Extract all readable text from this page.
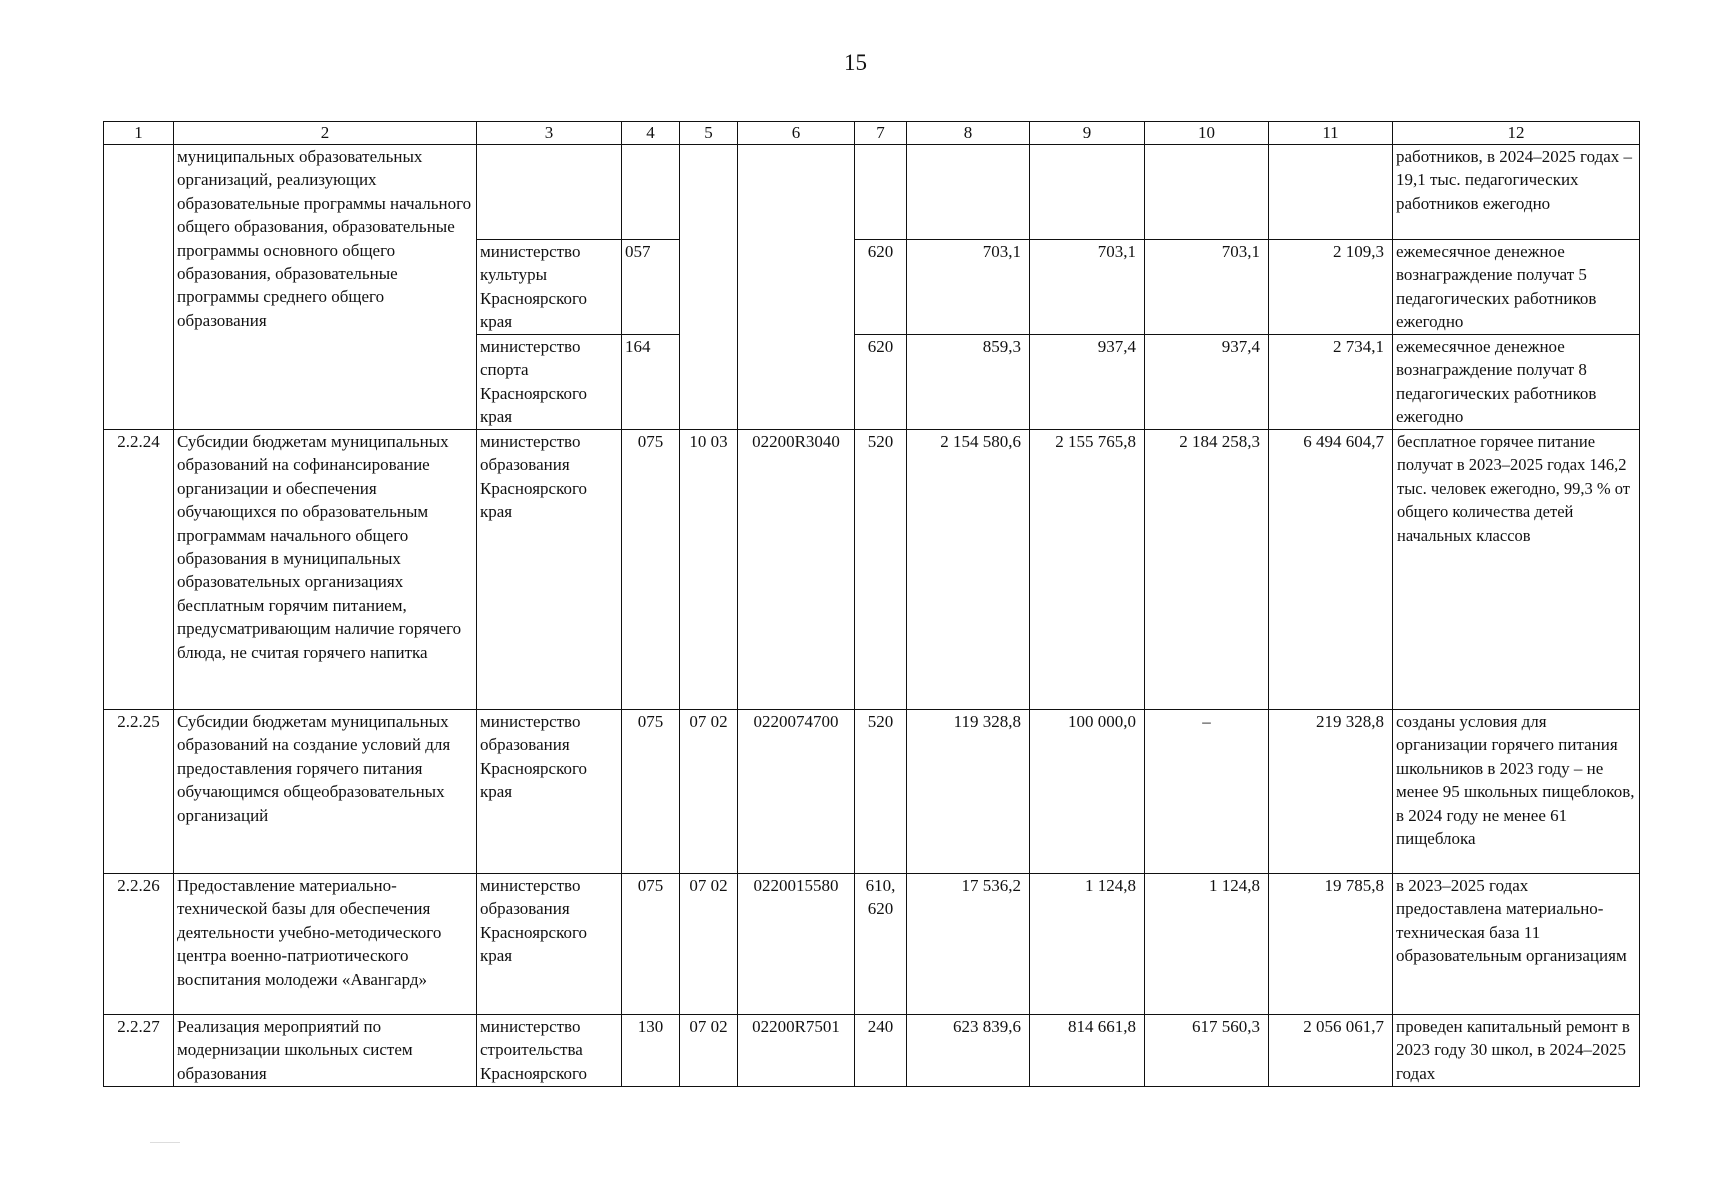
15
1	2	3	4	5	6	7	8	9	10	11	12
	муниципальных образовательных организаций, реализующих образовательные программы начального общего образования, образовательные программы основного общего образования, образовательные программы среднего общего образования										работников, в 2024–2025 годах – 19,1 тыс. педагогических работников ежегодно
		министерство культуры Красноярского края	057			620	703,1	703,1	703,1	2 109,3	ежемесячное денежное вознаграждение получат 5 педагогических работников ежегодно
		министерство спорта Красноярского края	164			620	859,3	937,4	937,4	2 734,1	ежемесячное денежное вознаграждение получат 8 педагогических работников ежегодно
2.2.24	Субсидии бюджетам муниципальных образований на софинансирование организации и обеспечения обучающихся по образовательным программам начального общего образования в муниципальных образовательных организациях бесплатным горячим питанием, предусматривающим наличие горячего блюда, не считая горячего напитка	министерство образования Красноярского края	075	10 03	02200R3040	520	2 154 580,6	2 155 765,8	2 184 258,3	6 494 604,7	бесплатное горячее питание получат в 2023–2025 годах 146,2 тыс. человек ежегодно, 99,3 % от общего количества детей начальных классов
2.2.25	Субсидии бюджетам муниципальных образований на создание условий для предоставления горячего питания обучающимся общеобразовательных организаций	министерство образования Красноярского края	075	07 02	0220074700	520	119 328,8	100 000,0	–	219 328,8	созданы условия для организации горячего питания школьников в 2023 году – не менее 95 школьных пищеблоков, в 2024 году не менее 61 пищеблока
2.2.26	Предоставление материально-технической базы для обеспечения деятельности учебно-методического центра военно-патриотического воспитания молодежи «Авангард»	министерство образования Красноярского края	075	07 02	0220015580	610, 620	17 536,2	1 124,8	1 124,8	19 785,8	в 2023–2025 годах предоставлена материально-техническая база 11 образовательным организациям
2.2.27	Реализация мероприятий по модернизации школьных систем образования	министерство строительства Красноярского	130	07 02	02200R7501	240	623 839,6	814 661,8	617 560,3	2 056 061,7	проведен капитальный ремонт в 2023 году 30 школ, в 2024–2025 годах
